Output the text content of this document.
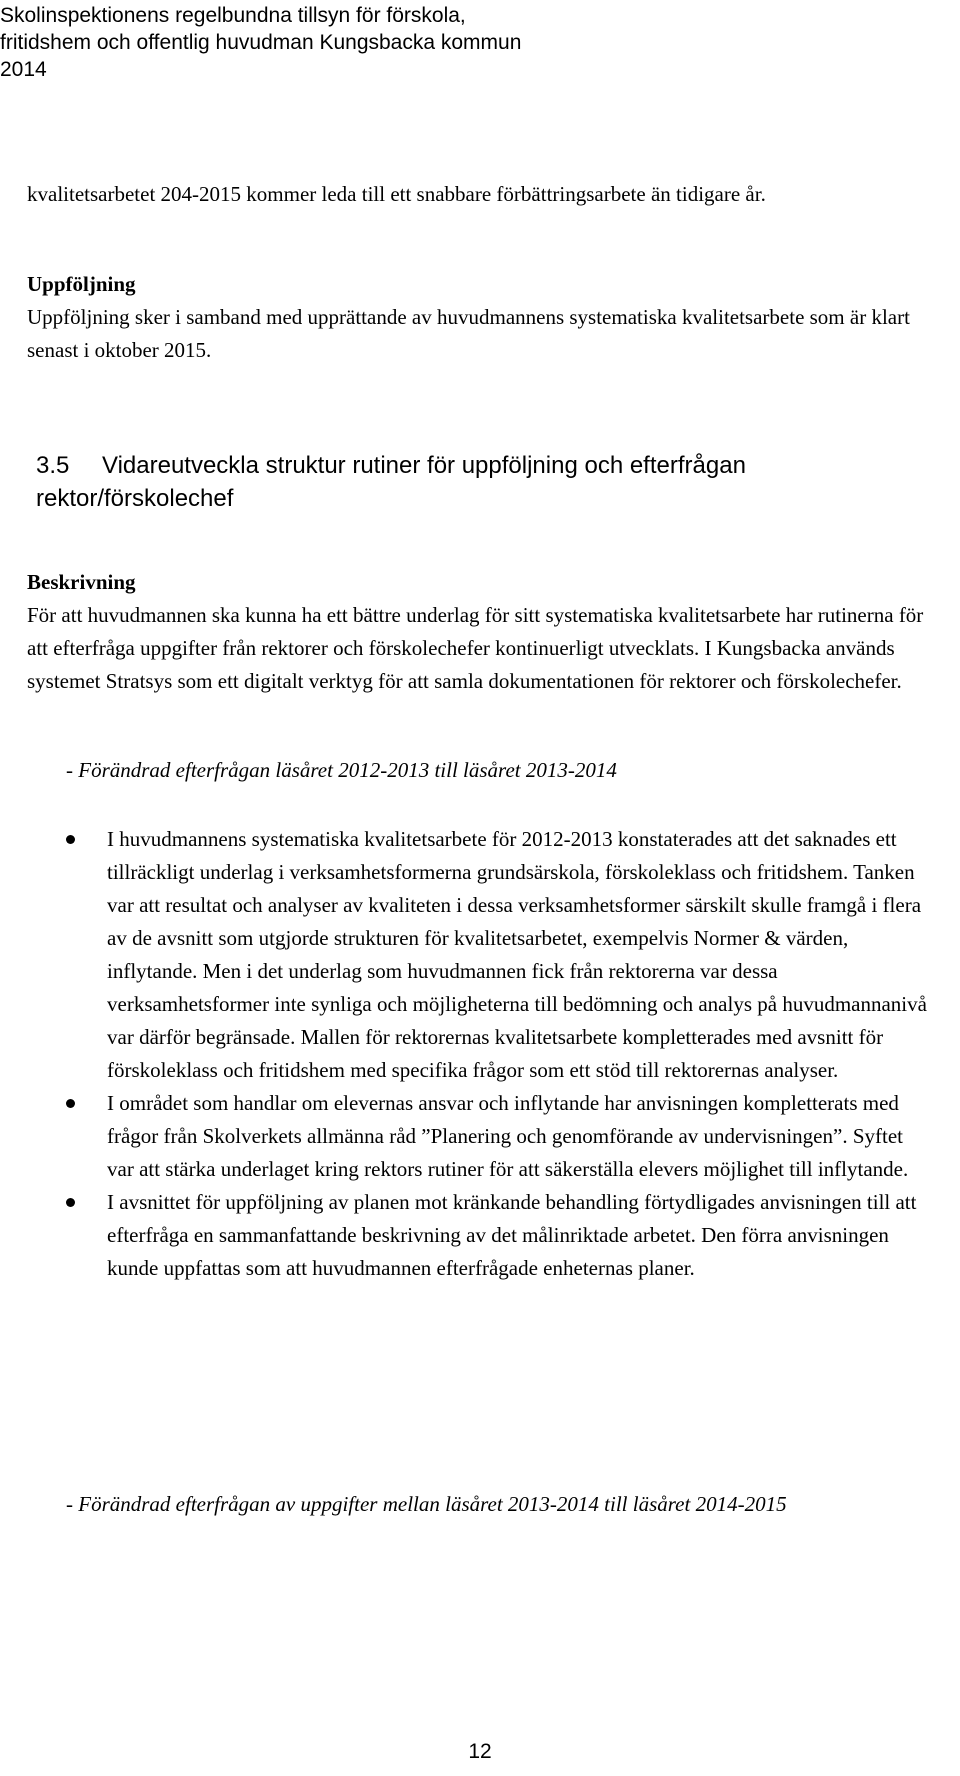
Skolinspektionens regelbundna tillsyn för förskola,
fritidshem och offentlig huvudman Kungsbacka kommun
2014
kvalitetsarbetet 204-2015 kommer leda till ett snabbare förbättringsarbete än tidigare år.
Uppföljning
Uppföljning sker i samband med upprättande av huvudmannens systematiska kvalitetsarbete som är klart senast i oktober 2015.
3.5 Vidareutveckla struktur rutiner för uppföljning och efterfrågan rektor/förskolechef
Beskrivning
För att huvudmannen ska kunna ha ett bättre underlag för sitt systematiska kvalitetsarbete har rutinerna för att efterfråga uppgifter från rektorer och förskolechefer kontinuerligt utvecklats. I Kungsbacka används systemet Stratsys som ett digitalt verktyg för att samla dokumentationen för rektorer och förskolechefer.
- Förändrad efterfrågan läsåret 2012-2013 till läsåret 2013-2014
I huvudmannens systematiska kvalitetsarbete för 2012-2013 konstaterades att det saknades ett tillräckligt underlag i verksamhetsformerna grundsärskola, förskoleklass och fritidshem. Tanken var att resultat och analyser av kvaliteten i dessa verksamhetsformer särskilt skulle framgå i flera av de avsnitt som utgjorde strukturen för kvalitetsarbetet, exempelvis Normer & värden, inflytande. Men i det underlag som huvudmannen fick från rektorerna var dessa verksamhetsformer inte synliga och möjligheterna till bedömning och analys på huvudmannanivå var därför begränsade. Mallen för rektorernas kvalitetsarbete kompletterades med avsnitt för förskoleklass och fritidshem med specifika frågor som ett stöd till rektorernas analyser.
I området som handlar om elevernas ansvar och inflytande har anvisningen kompletterats med frågor från Skolverkets allmänna råd ”Planering och genomförande av undervisningen”. Syftet var att stärka underlaget kring rektors rutiner för att säkerställa elevers möjlighet till inflytande.
I avsnittet för uppföljning av planen mot kränkande behandling förtydligades anvisningen till att efterfråga en sammanfattande beskrivning av det målinriktade arbetet. Den förra anvisningen kunde uppfattas som att huvudmannen efterfrågade enheternas planer.
- Förändrad efterfrågan av uppgifter mellan läsåret 2013-2014 till läsåret 2014-2015
12
